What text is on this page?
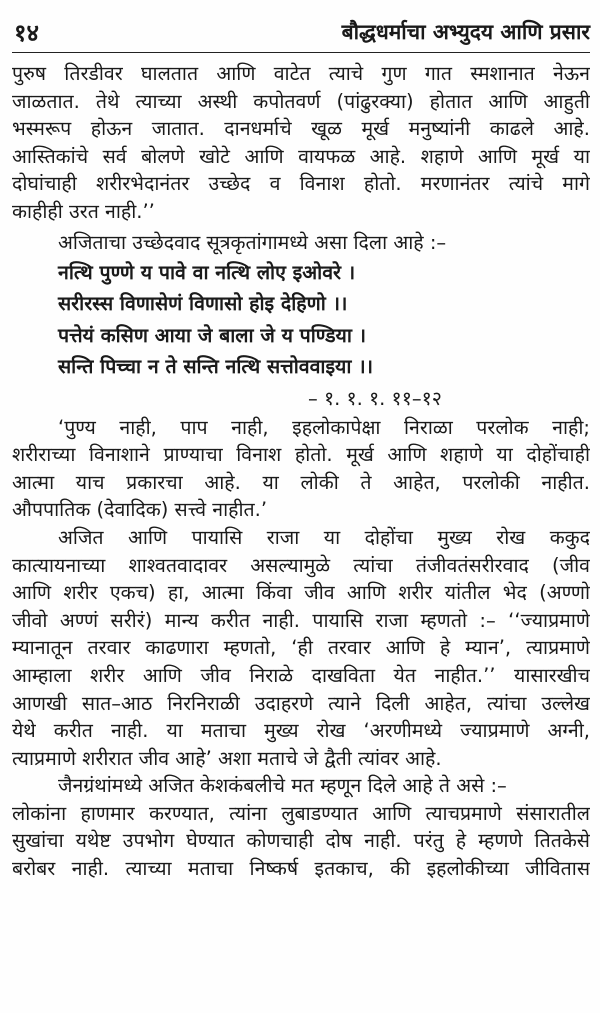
१४	बौद्धधर्माचा अभ्युदय आणि प्रसार
पुरुष तिरडीवर घालतात आणि वाटेत त्याचे गुण गात स्मशानात नेऊन
जाळतात. तेथे त्याच्या अस्थी कपोतवर्ण (पांढुरक्या) होतात आणि आहुती
भस्मरूप होऊन जातात. दानधर्माचे खूळ मूर्ख मनुष्यांनी काढले आहे.
आस्तिकांचे सर्व बोलणे खोटे आणि वायफळ आहे. शहाणे आणि मूर्ख या
दोघांचाही शरीरभेदानंतर उच्छेद व विनाश होतो. मरणानंतर त्यांचे मागे
काहीही उरत नाही.’’
अजिताचा उच्छेदवाद सूत्रकृतांगामध्ये असा दिला आहे :–
नत्थि पुण्णे य पावे वा नत्थि लोए इओवरे ।
सरीरस्स विणासेणं विणासो होइ देहिणो ।।
पत्तेयं कसिण आया जे बाला जे य पण्डिया ।
सन्ति पिच्चा न ते सन्ति नत्थि सत्तोववाइया ।।
– १. १. १. ११–१२
‘पुण्य नाही, पाप नाही, इहलोकापेक्षा निराळा परलोक नाही;
शरीराच्या विनाशाने प्राण्याचा विनाश होतो. मूर्ख आणि शहाणे या दोहोंचाही
आत्मा याच प्रकारचा आहे. या लोकी ते आहेत, परलोकी नाहीत.
औपपातिक (देवादिक) सत्त्वे नाहीत.’
अजित आणि पायासि राजा या दोहोंचा मुख्य रोख ककुद
कात्यायनाच्या शाश्वतवादावर असल्यामुळे त्यांचा तंजीवतंसरीरवाद (जीव
आणि शरीर एकच) हा, आत्मा किंवा जीव आणि शरीर यांतील भेद (अण्णो
जीवो अण्णं सरीरं) मान्य करीत नाही. पायासि राजा म्हणतो :– ‘‘ज्याप्रमाणे
म्यानातून तरवार काढणारा म्हणतो, ‘ही तरवार आणि हे म्यान’, त्याप्रमाणे
आम्हाला शरीर आणि जीव निराळे दाखविता येत नाहीत.’’ यासारखीच
आणखी सात–आठ निरनिराळी उदाहरणे त्याने दिली आहेत, त्यांचा उल्लेख
येथे करीत नाही. या मताचा मुख्य रोख ‘अरणीमध्ये ज्याप्रमाणे अग्नी,
त्याप्रमाणे शरीरात जीव आहे’ अशा मताचे जे द्वैती त्यांवर आहे.
जैनग्रंथांमध्ये अजित केशकंबलीचे मत म्हणून दिले आहे ते असे :–
लोकांना हाणमार करण्यात, त्यांना लुबाडण्यात आणि त्याचप्रमाणे संसारातील
सुखांचा यथेष्ट उपभोग घेण्यात कोणचाही दोष नाही. परंतु हे म्हणणे तितकेसे
बरोबर नाही. त्याच्या मताचा निष्कर्ष इतकाच, की इहलोकीच्या जीवितास
